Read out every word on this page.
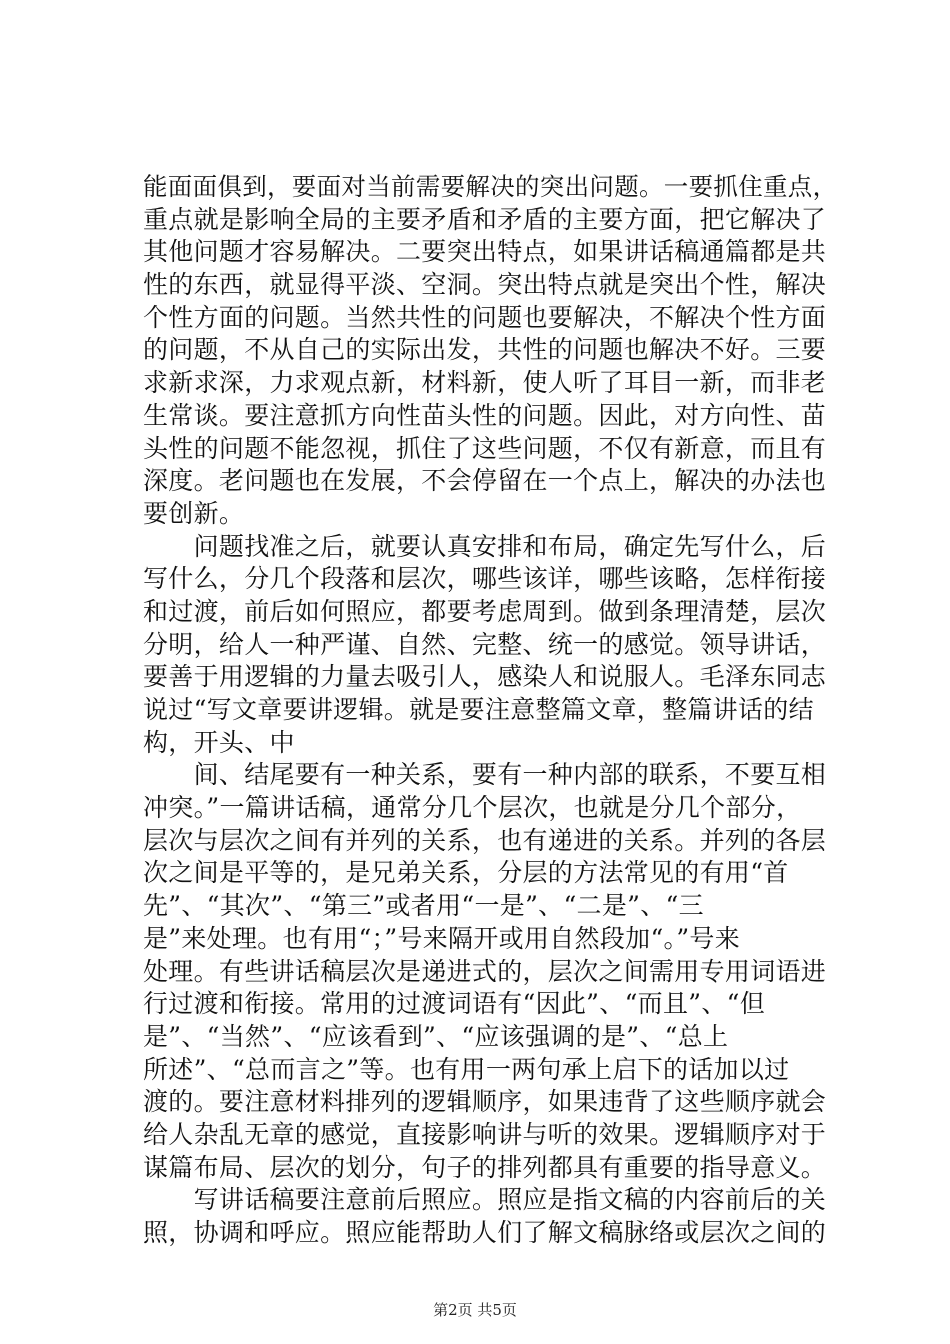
能面面俱到，要面对当前需要解决的突出问题。一要抓住重点，
重点就是影响全局的主要矛盾和矛盾的主要方面，把它解决了
其他问题才容易解决。二要突出特点，如果讲话稿通篇都是共
性的东西，就显得平淡、空洞。突出特点就是突出个性，解决
个性方面的问题。当然共性的问题也要解决，不解决个性方面
的问题，不从自己的实际出发，共性的问题也解决不好。三要
求新求深，力求观点新，材料新，使人听了耳目一新，而非老
生常谈。要注意抓方向性苗头性的问题。因此，对方向性、苗
头性的问题不能忽视，抓住了这些问题，不仅有新意，而且有
深度。老问题也在发展，不会停留在一个点上，解决的办法也
要创新。
　　问题找准之后，就要认真安排和布局，确定先写什么，后
写什么，分几个段落和层次，哪些该详，哪些该略，怎样衔接
和过渡，前后如何照应，都要考虑周到。做到条理清楚，层次
分明，给人一种严谨、自然、完整、统一的感觉。领导讲话，
要善于用逻辑的力量去吸引人，感染人和说服人。毛泽东同志
说过“写文章要讲逻辑。就是要注意整篇文章，整篇讲话的结
构，开头、中
　　间、结尾要有一种关系，要有一种内部的联系，不要互相
冲突。”一篇讲话稿，通常分几个层次，也就是分几个部分，
层次与层次之间有并列的关系，也有递进的关系。并列的各层
次之间是平等的，是兄弟关系，分层的方法常见的有用“首
先”、“其次”、“第三”或者用“一是”、“二是”、“三
是”来处理。也有用“；”号来隔开或用自然段加“。”号来
处理。有些讲话稿层次是递进式的，层次之间需用专用词语进
行过渡和衔接。常用的过渡词语有“因此”、“而且”、“但
是”、“当然”、“应该看到”、“应该强调的是”、“总上
所述”、“总而言之”等。也有用一两句承上启下的话加以过
渡的。要注意材料排列的逻辑顺序，如果违背了这些顺序就会
给人杂乱无章的感觉，直接影响讲与听的效果。逻辑顺序对于
谋篇布局、层次的划分，句子的排列都具有重要的指导意义。
　　写讲话稿要注意前后照应。照应是指文稿的内容前后的关
照，协调和呼应。照应能帮助人们了解文稿脉络或层次之间的
第2页 共5页
